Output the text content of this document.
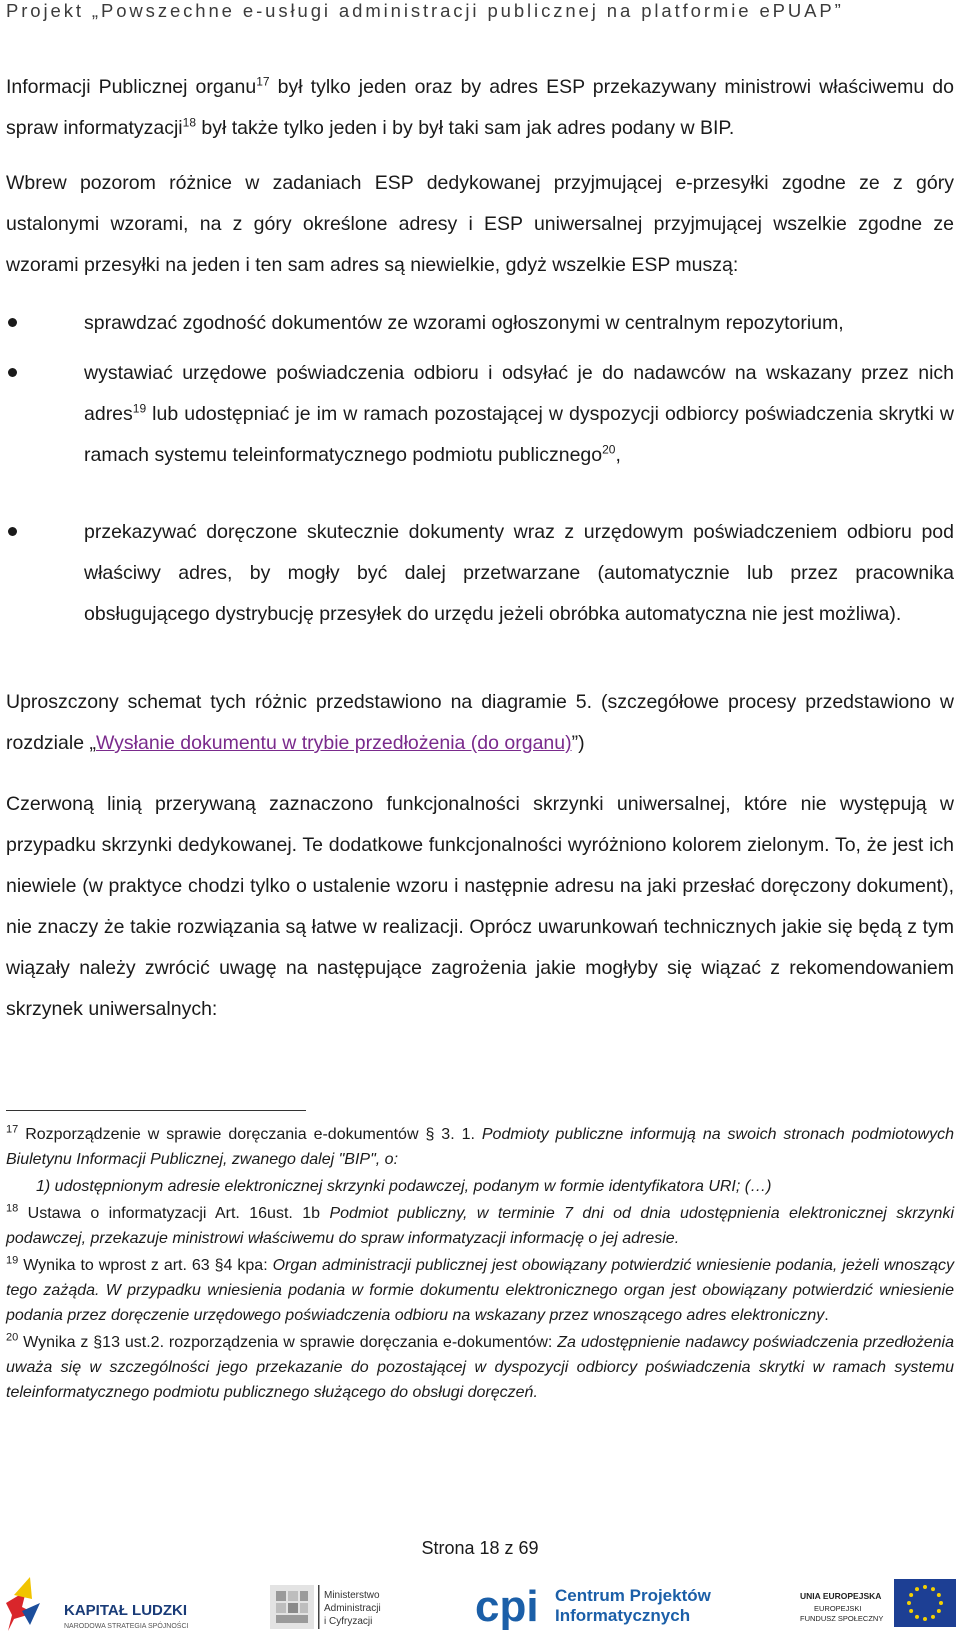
Projekt „Powszechne e-usługi administracji publicznej na platformie ePUAP”
Informacji Publicznej organu$^{17}$ był tylko jeden oraz by adres ESP przekazywany ministrowi właściwemu do spraw informatyzacji$^{18}$ był także tylko jeden i by był taki sam jak adres podany w BIP.
Wbrew pozorom różnice w zadaniach ESP dedykowanej przyjmującej e-przesyłki zgodne ze z góry ustalonymi wzorami, na z góry określone adresy i ESP uniwersalnej przyjmującej wszelkie zgodne ze wzorami przesyłki na jeden i ten sam adres są niewielkie, gdyż wszelkie ESP muszą:
sprawdzać zgodność dokumentów ze wzorami ogłoszonymi w centralnym repozytorium,
wystawiać urzędowe poświadczenia odbioru i odsyłać je do nadawców na wskazany przez nich adres$^{19}$ lub udostępniać je im w ramach pozostającej w dyspozycji odbiorcy poświadczenia skrytki w ramach systemu teleinformatycznego podmiotu publicznego$^{20}$,
przekazywać doręczone skutecznie dokumenty wraz z urzędowym poświadczeniem odbioru pod właściwy adres, by mogły być dalej przetwarzane (automatycznie lub przez pracownika obsługującego dystrybucję przesyłek do urzędu jeżeli obróbka automatyczna nie jest możliwa).
Uproszczony schemat tych różnic przedstawiono na diagramie 5. (szczegółowe procesy przedstawiono w rozdziale „Wysłanie dokumentu w trybie przedłożenia (do organu)”)
Czerwoną linią przerywaną zaznaczono funkcjonalności skrzynki uniwersalnej, które nie występują w przypadku skrzynki dedykowanej. Te dodatkowe funkcjonalności wyróżniono kolorem zielonym. To, że jest ich niewiele (w praktyce chodzi tylko o ustalenie wzoru i następnie adresu na jaki przesłać doręczony dokument), nie znaczy że takie rozwiązania są łatwe w realizacji. Oprócz uwarunkowań technicznych jakie się będą z tym wiązały należy zwrócić uwagę na następujące zagrożenia jakie mogłyby się wiązać z rekomendowaniem skrzynek uniwersalnych:
$^{17}$ Rozporządzenie w sprawie doręczania e-dokumentów § 3. 1. Podmioty publiczne informują na swoich stronach podmiotowych Biuletynu Informacji Publicznej, zwanego dalej "BIP", o:
1) udostępnionym adresie elektronicznej skrzynki podawczej, podanym w formie identyfikatora URI; (…)
$^{18}$ Ustawa o informatyzacji Art. 16ust. 1b Podmiot publiczny, w terminie 7 dni od dnia udostępnienia elektronicznej skrzynki podawczej, przekazuje ministrowi właściwemu do spraw informatyzacji informację o jej adresie.
$^{19}$ Wynika to wprost z art. 63 §4 kpa: Organ administracji publicznej jest obowiązany potwierdzić wniesienie podania, jeżeli wnoszący tego zażąda. W przypadku wniesienia podania w formie dokumentu elektronicznego organ jest obowiązany potwierdzić wniesienie podania przez doręczenie urzędowego poświadczenia odbioru na wskazany przez wnoszącego adres elektroniczny.
$^{20}$ Wynika z §13 ust.2. rozporządzenia w sprawie doręczania e-dokumentów: Za udostępnienie nadawcy poświadczenia przedłożenia uważa się w szczególności jego przekazanie do pozostającej w dyspozycji odbiorcy poświadczenia skrytki w ramach systemu teleinformatycznego podmiotu publicznego służącego do obsługi doręczeń.
Strona 18 z 69
KAPITAŁ LUDZKI
NARODOWA STRATEGIA SPÓJNOŚCI
Ministerstwo
Administracji
i Cyfryzacji cpi Centrum Projektów
Informatycznych
UNIA EUROPEJSKA
EUROPEJSKI
FUNDUSZ SPOŁECZNY
